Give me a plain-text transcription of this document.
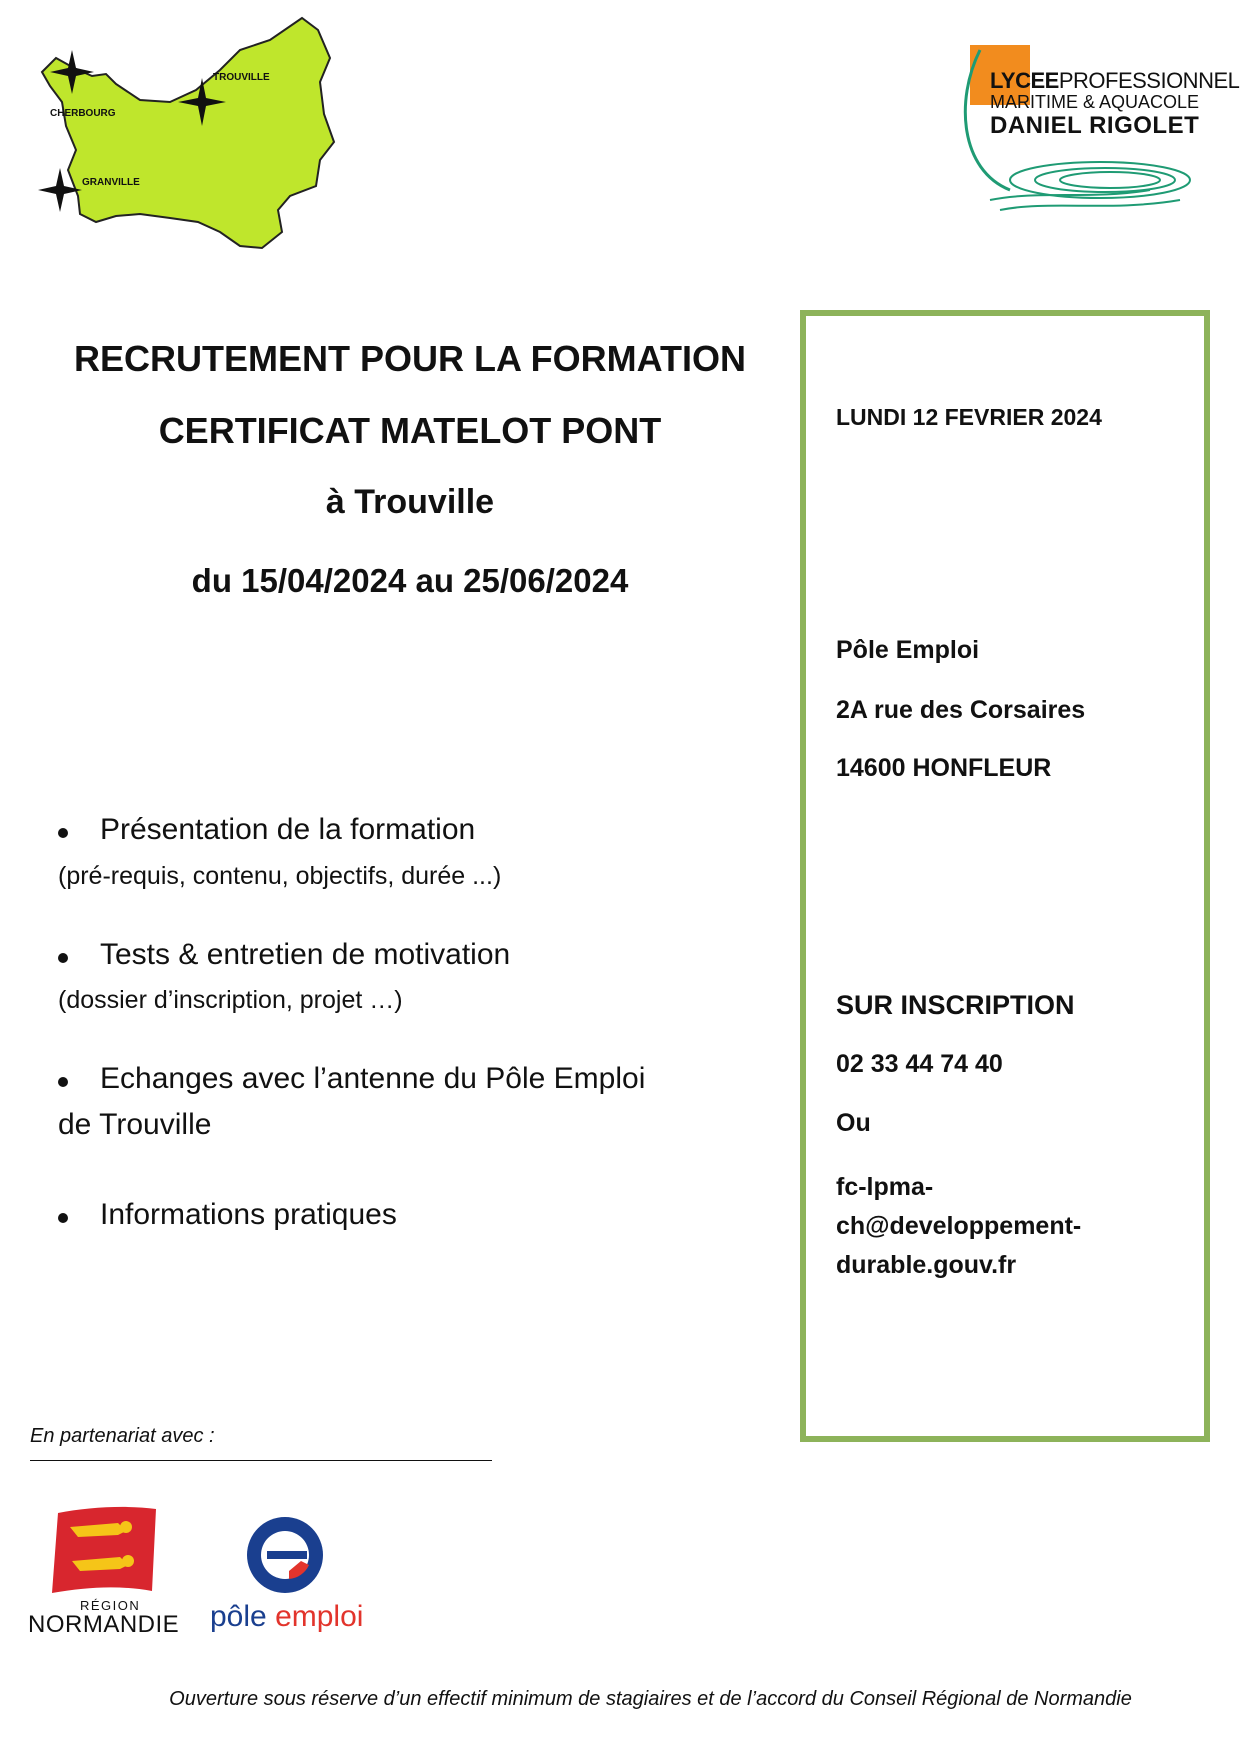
TROUVILLE
CHERBOURG
GRANVILLE
LYCEEPROFESSIONNEL
MARITIME & AQUACOLE
DANIEL RIGOLET
RECRUTEMENT POUR LA FORMATION
CERTIFICAT MATELOT PONT
à Trouville
du 15/04/2024 au 25/06/2024
LUNDI 12 FEVRIER 2024
Pôle Emploi
2A rue des Corsaires
14600 HONFLEUR
SUR INSCRIPTION
02 33 44 74 40
Ou
fc-lpma-
ch@developpement-
durable.gouv.fr
Présentation de la formation
(pré-requis, contenu, objectifs, durée ...)
Tests & entretien de motivation
(dossier d’inscription, projet …)
Echanges avec l’antenne du Pôle Emploi
de Trouville
Informations pratiques
En partenariat avec :
RÉGION
NORMANDIE pôle emploi
Ouverture sous réserve d’un effectif minimum de stagiaires et de l’accord du Conseil Régional de Normandie
